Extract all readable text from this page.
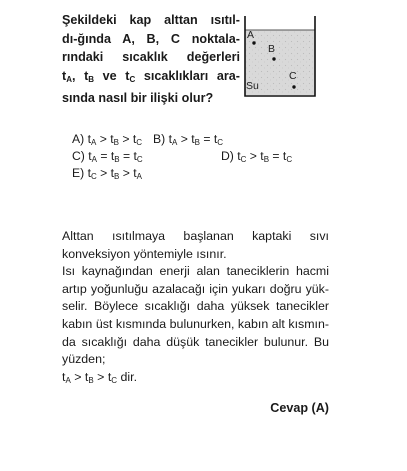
Şekildeki kap alttan ısıtıl-
dı-ğında A, B, C noktala-
rındaki sıcaklık değerleri
$t_A$, $t_B$ ve $t_C$ sıcaklıkları ara-
sında nasıl bir ilişki olur?
A
B
C
Su
A) $t_A > t_B > t_C$ B) $t_A > t_B = t_C$
C) $t_A = t_B = t_C$	D) $t_C > t_B = t_C$
E) $t_C > t_B > t_A$
Alttan ısıtılmaya başlanan kaptaki sıvı
konveksiyon yöntemiyle ısınır.
Isı kaynağından enerji alan taneciklerin hacmi
artıp yoğunluğu azalacağı için yukarı doğru yük-
selir. Böylece sıcaklığı daha yüksek tanecikler
kabın üst kısmında bulunurken, kabın alt kısmın-
da sıcaklığı daha düşük tanecikler bulunur. Bu
yüzden;
$t_A > t_B > t_C$ dir.
Cevap (A)
